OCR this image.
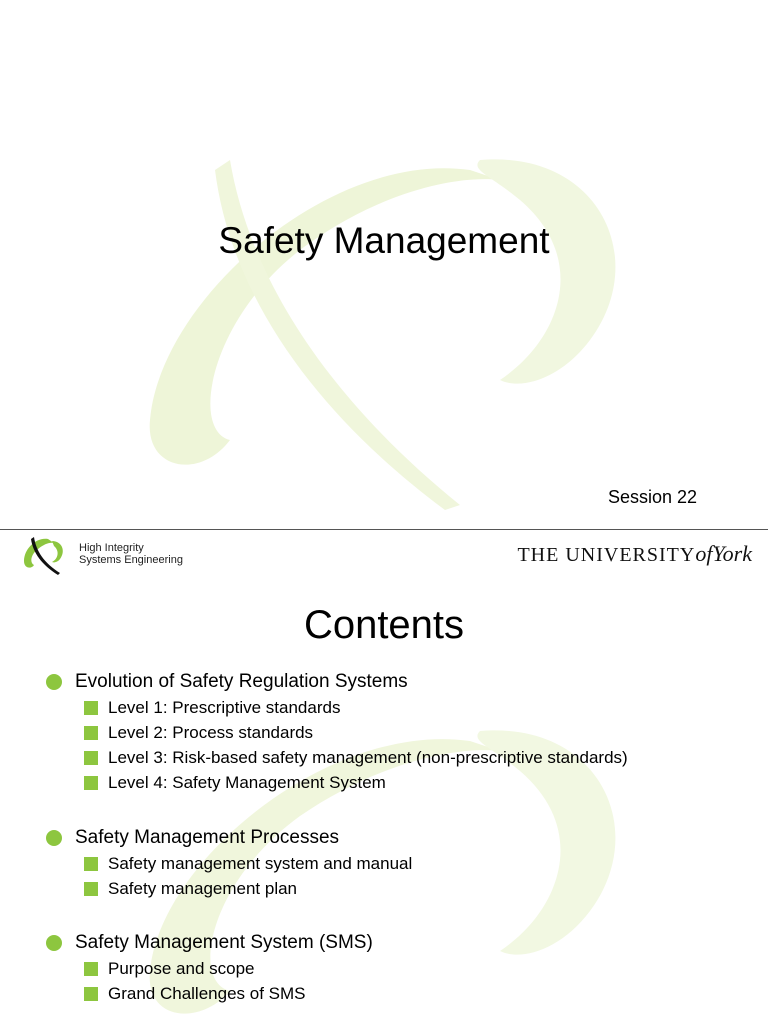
Safety Management
Session 22
High Integrity
Systems Engineering	THE UNIVERSITYofYork
Contents
Evolution of Safety Regulation Systems
Level 1: Prescriptive standards
Level 2: Process standards
Level 3: Risk-based safety management (non-prescriptive standards)
Level 4: Safety Management System
Safety Management Processes
Safety management system and manual
Safety management plan
Safety Management System (SMS)
Purpose and scope
Grand Challenges of SMS
